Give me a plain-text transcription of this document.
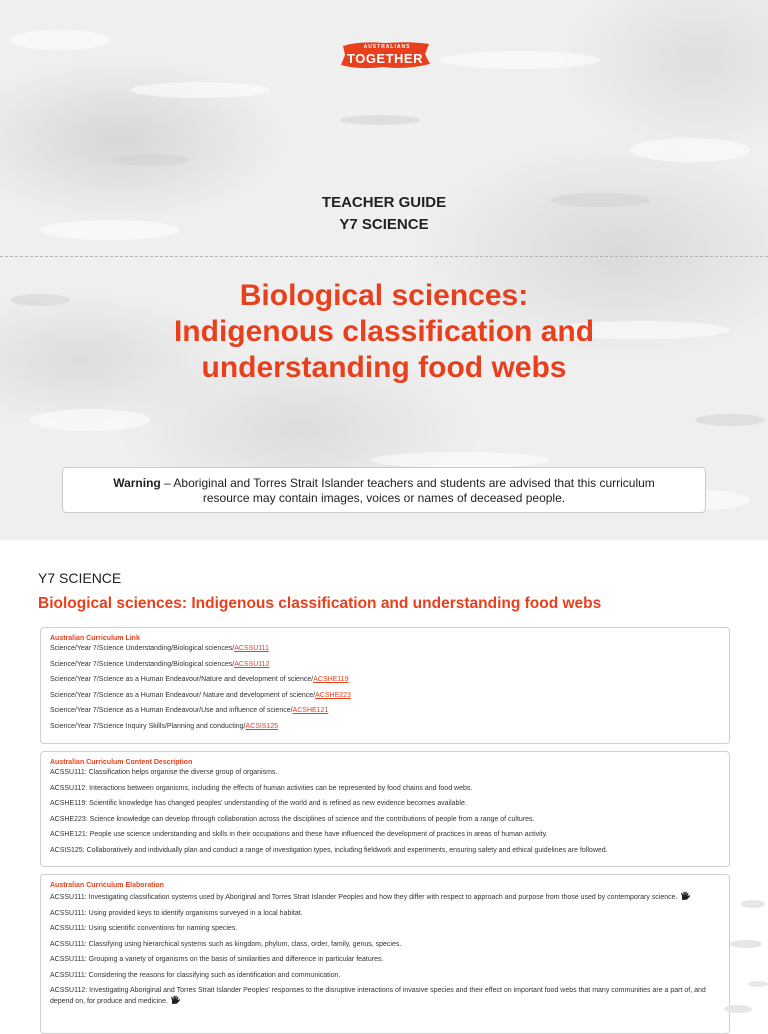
AUSTRALIANS
TOGETHER
TEACHER GUIDE
Y7 SCIENCE
Biological sciences:
Indigenous classification and
understanding food webs
Warning – Aboriginal and Torres Strait Islander teachers and students are advised that this curriculum
resource may contain images, voices or names of deceased people.
Y7 SCIENCE
Biological sciences: Indigenous classification and understanding food webs
Australian Curriculum Link
Science/Year 7/Science Understanding/Biological sciences/ACSSU111
Science/Year 7/Science Understanding/Biological sciences/ACSSU112
Science/Year 7/Science as a Human Endeavour/Nature and development of science/ACSHE119
Science/Year 7/Science as a Human Endeavour/ Nature and development of science/ACSHE223
Science/Year 7/Science as a Human Endeavour/Use and influence of science/ACSHE121
Science/Year 7/Science Inquiry Skills/Planning and conducting/ACSIS125
Australian Curriculum Content Description
ACSSU111: Classification helps organise the diverse group of organisms.
ACSSU112: Interactions between organisms, including the effects of human activities can be represented by food chains and food webs.
ACSHE119: Scientific knowledge has changed peoples' understanding of the world and is refined as new evidence becomes available.
ACSHE223: Science knowledge can develop through collaboration across the disciplines of science and the contributions of people from a range of cultures.
ACSHE121: People use science understanding and skills in their occupations and these have influenced the development of practices in areas of human activity.
ACSIS125: Collaboratively and individually plan and conduct a range of investigation types, including fieldwork and experiments, ensuring safety and ethical guidelines are followed.
Australian Curriculum Elaboration
ACSSU111: Investigating classification systems used by Aboriginal and Torres Strait Islander Peoples and how they differ with respect to approach and purpose from those used by contemporary science.
ACSSU111: Using provided keys to identify organisms surveyed in a local habitat.
ACSSU111: Using scientific conventions for naming species.
ACSSU111: Classifying using hierarchical systems such as kingdom, phylum, class, order, family, genus, species.
ACSSU111: Grouping a variety of organisms on the basis of similarities and difference in particular features.
ACSSU111: Considering the reasons for classifying such as identification and communication.
ACSSU112: Investigating Aboriginal and Torres Strait Islander Peoples' responses to the disruptive interactions of invasive species and their effect on important food webs that many communities are a part of, and depend on, for produce and medicine.
